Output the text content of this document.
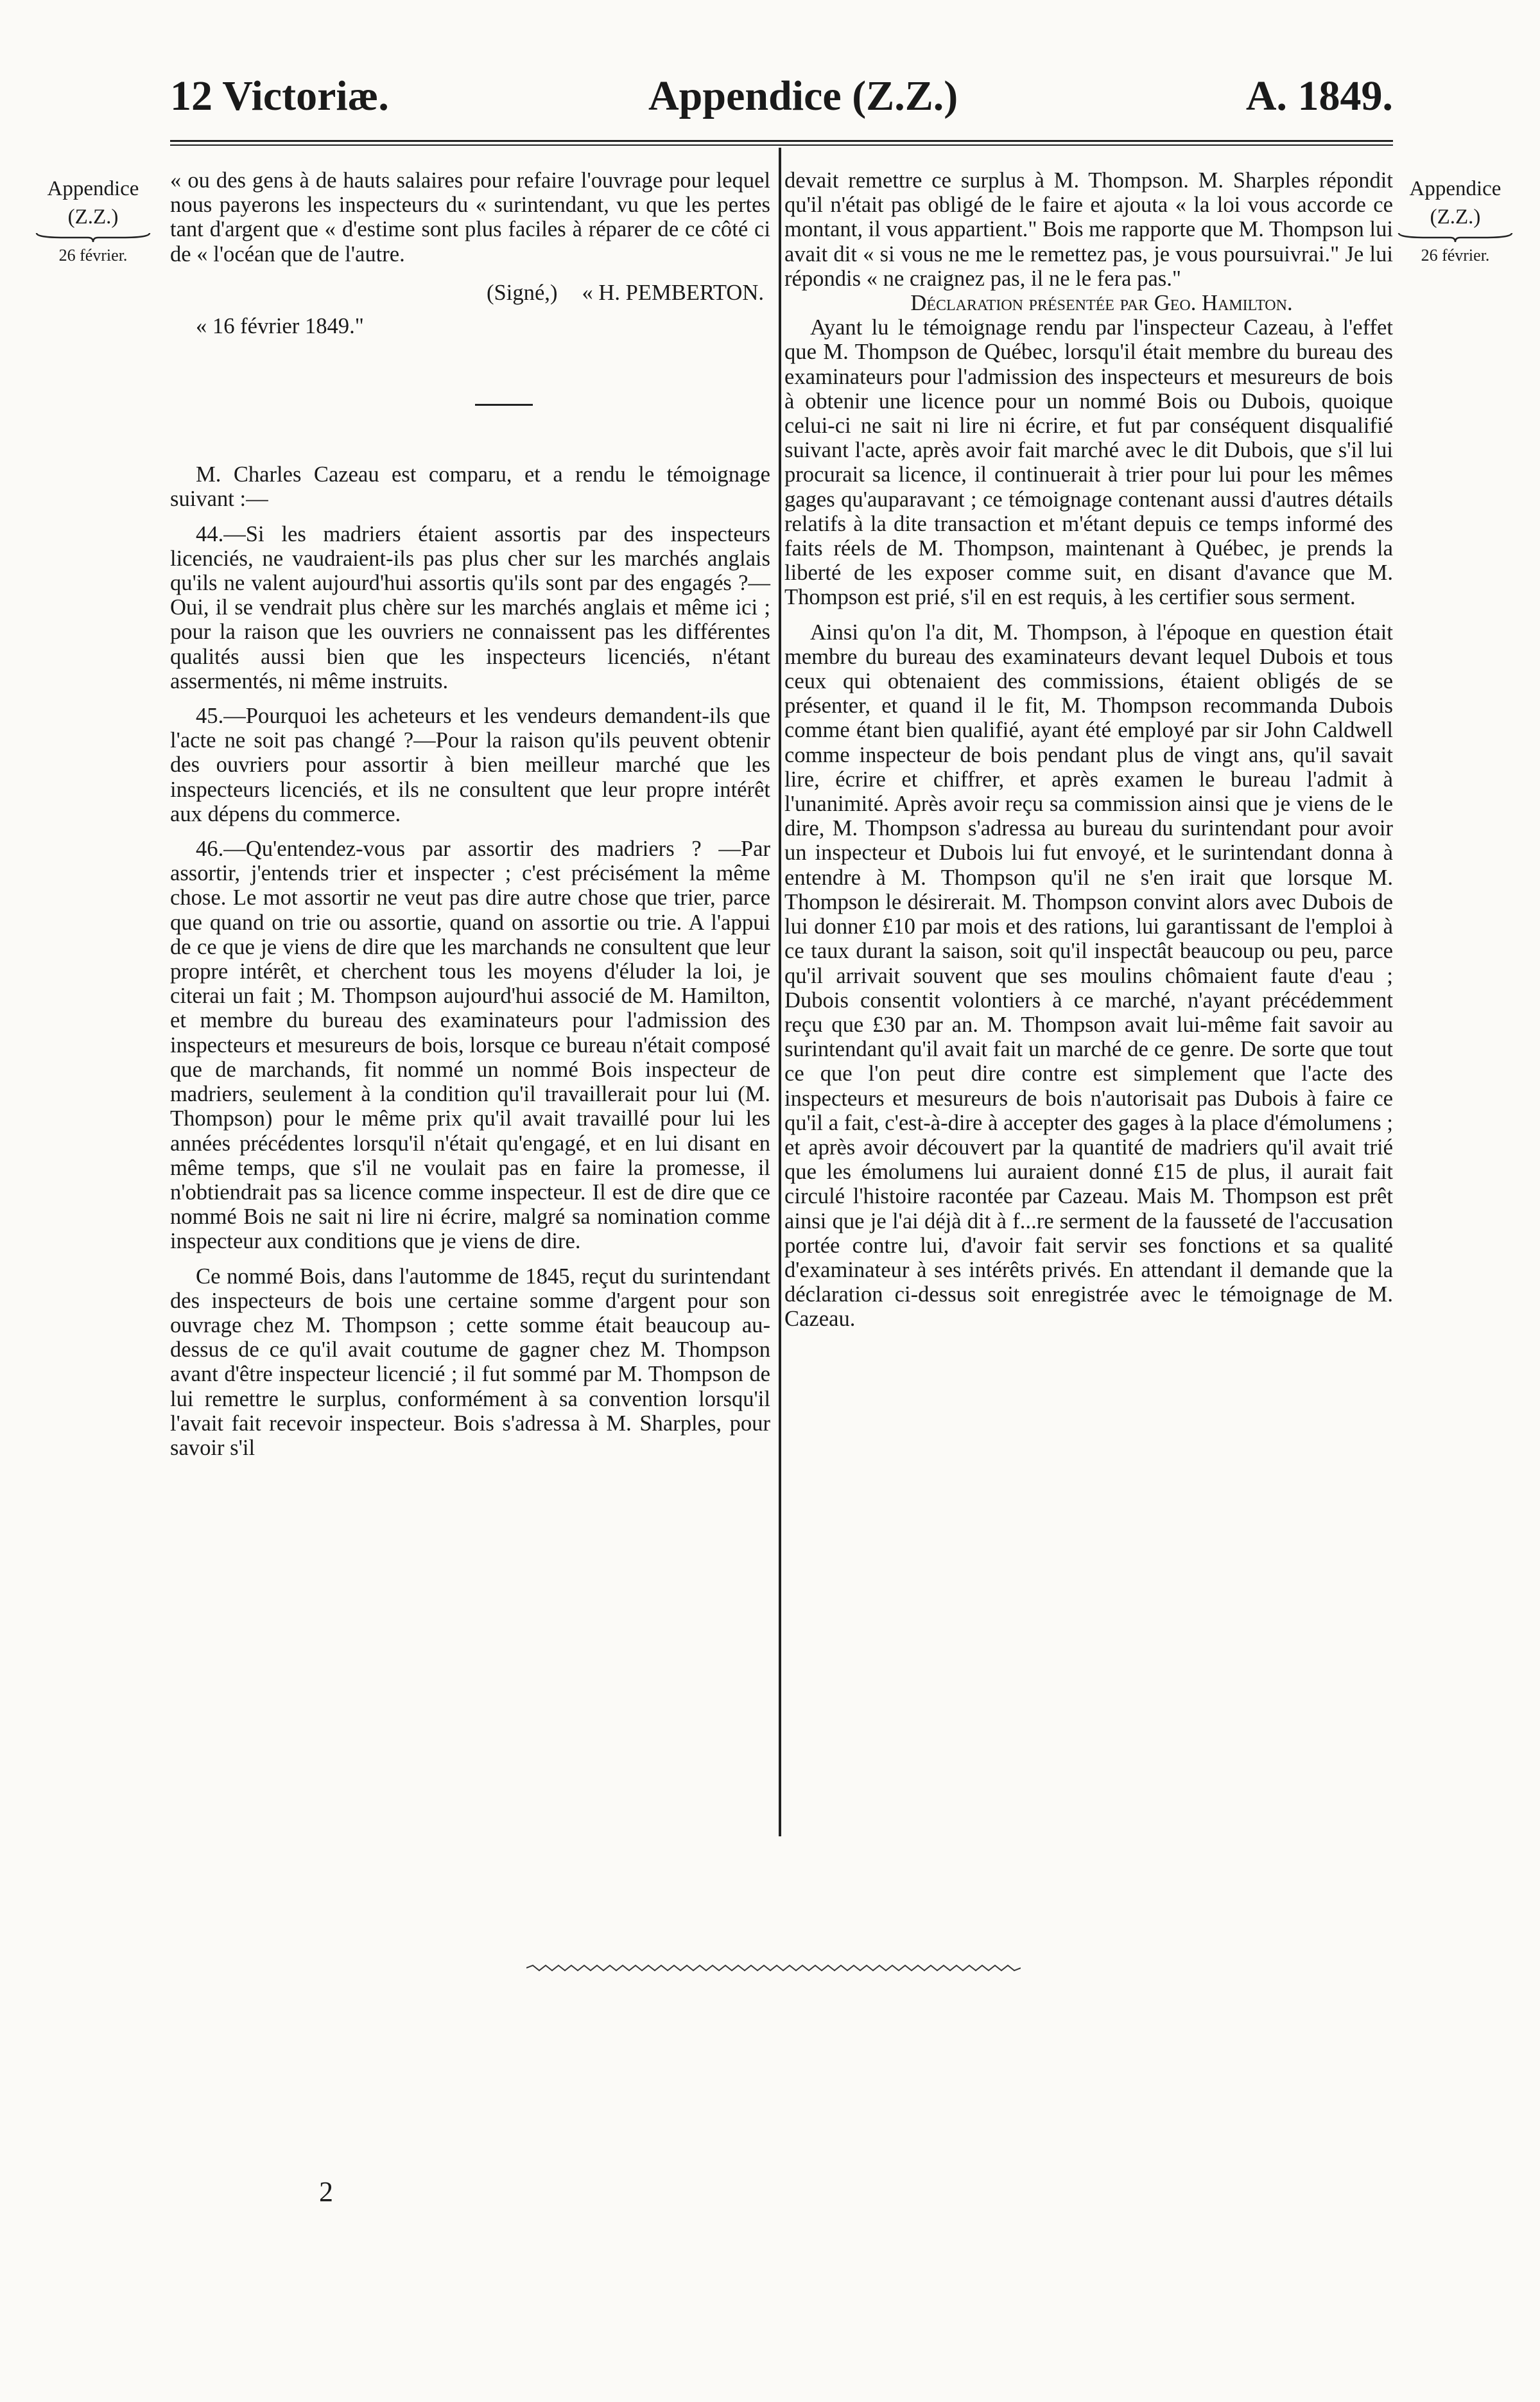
12 Victoriæ.	Appendice (Z.Z.)	A. 1849.
Appendice
(Z.Z.)
26 février.
Appendice
(Z.Z.)
26 février.

« ou des gens à de hauts salaires pour refaire l'ouvrage pour lequel nous payerons les inspecteurs du « surintendant, vu que les pertes tant d'argent que « d'estime sont plus faciles à réparer de ce côté ci de « l'océan que de l'autre.

(Signé,) « H. PEMBERTON.
« 16 février 1849."

M. Charles Cazeau est comparu, et a rendu le témoignage suivant :—

44.—Si les madriers étaient assortis par des inspecteurs licenciés, ne vaudraient-ils pas plus cher sur les marchés anglais qu'ils ne valent aujourd'hui assortis qu'ils sont par des engagés ?—Oui, il se vendrait plus chère sur les marchés anglais et même ici ; pour la raison que les ouvriers ne connaissent pas les différentes qualités aussi bien que les inspecteurs licenciés, n'étant assermentés, ni même instruits.

45.—Pourquoi les acheteurs et les vendeurs demandent-ils que l'acte ne soit pas changé ?—Pour la raison qu'ils peuvent obtenir des ouvriers pour assortir à bien meilleur marché que les inspecteurs licenciés, et ils ne consultent que leur propre intérêt aux dépens du commerce.

46.—Qu'entendez-vous par assortir des madriers ? —Par assortir, j'entends trier et inspecter ; c'est précisément la même chose. Le mot assortir ne veut pas dire autre chose que trier, parce que quand on trie ou assortie, quand on assortie ou trie. A l'appui de ce que je viens de dire que les marchands ne consultent que leur propre intérêt, et cherchent tous les moyens d'éluder la loi, je citerai un fait ; M. Thompson aujourd'hui associé de M. Hamilton, et membre du bureau des examinateurs pour l'admission des inspecteurs et mesureurs de bois, lorsque ce bureau n'était composé que de marchands, fit nommé un nommé Bois inspecteur de madriers, seulement à la condition qu'il travaillerait pour lui (M. Thompson) pour le même prix qu'il avait travaillé pour lui les années précédentes lorsqu'il n'était qu'engagé, et en lui disant en même temps, que s'il ne voulait pas en faire la promesse, il n'obtiendrait pas sa licence comme inspecteur. Il est de dire que ce nommé Bois ne sait ni lire ni écrire, malgré sa nomination comme inspecteur aux conditions que je viens de dire.

Ce nommé Bois, dans l'automme de 1845, reçut du surintendant des inspecteurs de bois une certaine somme d'argent pour son ouvrage chez M. Thompson ; cette somme était beaucoup au-dessus de ce qu'il avait coutume de gagner chez M. Thompson avant d'être inspecteur licencié ; il fut sommé par M. Thompson de lui remettre le surplus, conformément à sa convention lorsqu'il l'avait fait recevoir inspecteur. Bois s'adressa à M. Sharples, pour savoir s'il

devait remettre ce surplus à M. Thompson. M. Sharples répondit qu'il n'était pas obligé de le faire et ajouta « la loi vous accorde ce montant, il vous appartient." Bois me rapporte que M. Thompson lui avait dit « si vous ne me le remettez pas, je vous poursuivrai." Je lui répondis « ne craignez pas, il ne le fera pas."

Déclaration présentée par Geo. Hamilton.

Ayant lu le témoignage rendu par l'inspecteur Cazeau, à l'effet que M. Thompson de Québec, lorsqu'il était membre du bureau des examinateurs pour l'admission des inspecteurs et mesureurs de bois à obtenir une licence pour un nommé Bois ou Dubois, quoique celui-ci ne sait ni lire ni écrire, et fut par conséquent disqualifié suivant l'acte, après avoir fait marché avec le dit Dubois, que s'il lui procurait sa licence, il continuerait à trier pour lui pour les mêmes gages qu'auparavant ; ce témoignage contenant aussi d'autres détails relatifs à la dite transaction et m'étant depuis ce temps informé des faits réels de M. Thompson, maintenant à Québec, je prends la liberté de les exposer comme suit, en disant d'avance que M. Thompson est prié, s'il en est requis, à les certifier sous serment.

Ainsi qu'on l'a dit, M. Thompson, à l'époque en question était membre du bureau des examinateurs devant lequel Dubois et tous ceux qui obtenaient des commissions, étaient obligés de se présenter, et quand il le fit, M. Thompson recommanda Dubois comme étant bien qualifié, ayant été employé par sir John Caldwell comme inspecteur de bois pendant plus de vingt ans, qu'il savait lire, écrire et chiffrer, et après examen le bureau l'admit à l'unanimité. Après avoir reçu sa commission ainsi que je viens de le dire, M. Thompson s'adressa au bureau du surintendant pour avoir un inspecteur et Dubois lui fut envoyé, et le surintendant donna à entendre à M. Thompson qu'il ne s'en irait que lorsque M. Thompson le désirerait. M. Thompson convint alors avec Dubois de lui donner £10 par mois et des rations, lui garantissant de l'emploi à ce taux durant la saison, soit qu'il inspectât beaucoup ou peu, parce qu'il arrivait souvent que ses moulins chômaient faute d'eau ; Dubois consentit volontiers à ce marché, n'ayant précédemment reçu que £30 par an. M. Thompson avait lui-même fait savoir au surintendant qu'il avait fait un marché de ce genre. De sorte que tout ce que l'on peut dire contre est simplement que l'acte des inspecteurs et mesureurs de bois n'autorisait pas Dubois à faire ce qu'il a fait, c'est-à-dire à accepter des gages à la place d'émolumens ; et après avoir découvert par la quantité de madriers qu'il avait trié que les émolumens lui auraient donné £15 de plus, il aurait fait circulé l'histoire racontée par Cazeau. Mais M. Thompson est prêt ainsi que je l'ai déjà dit à f...re serment de la fausseté de l'accusation portée contre lui, d'avoir fait servir ses fonctions et sa qualité d'examinateur à ses intérêts privés. En attendant il demande que la déclaration ci-dessus soit enregistrée avec le témoignage de M. Cazeau.

2
